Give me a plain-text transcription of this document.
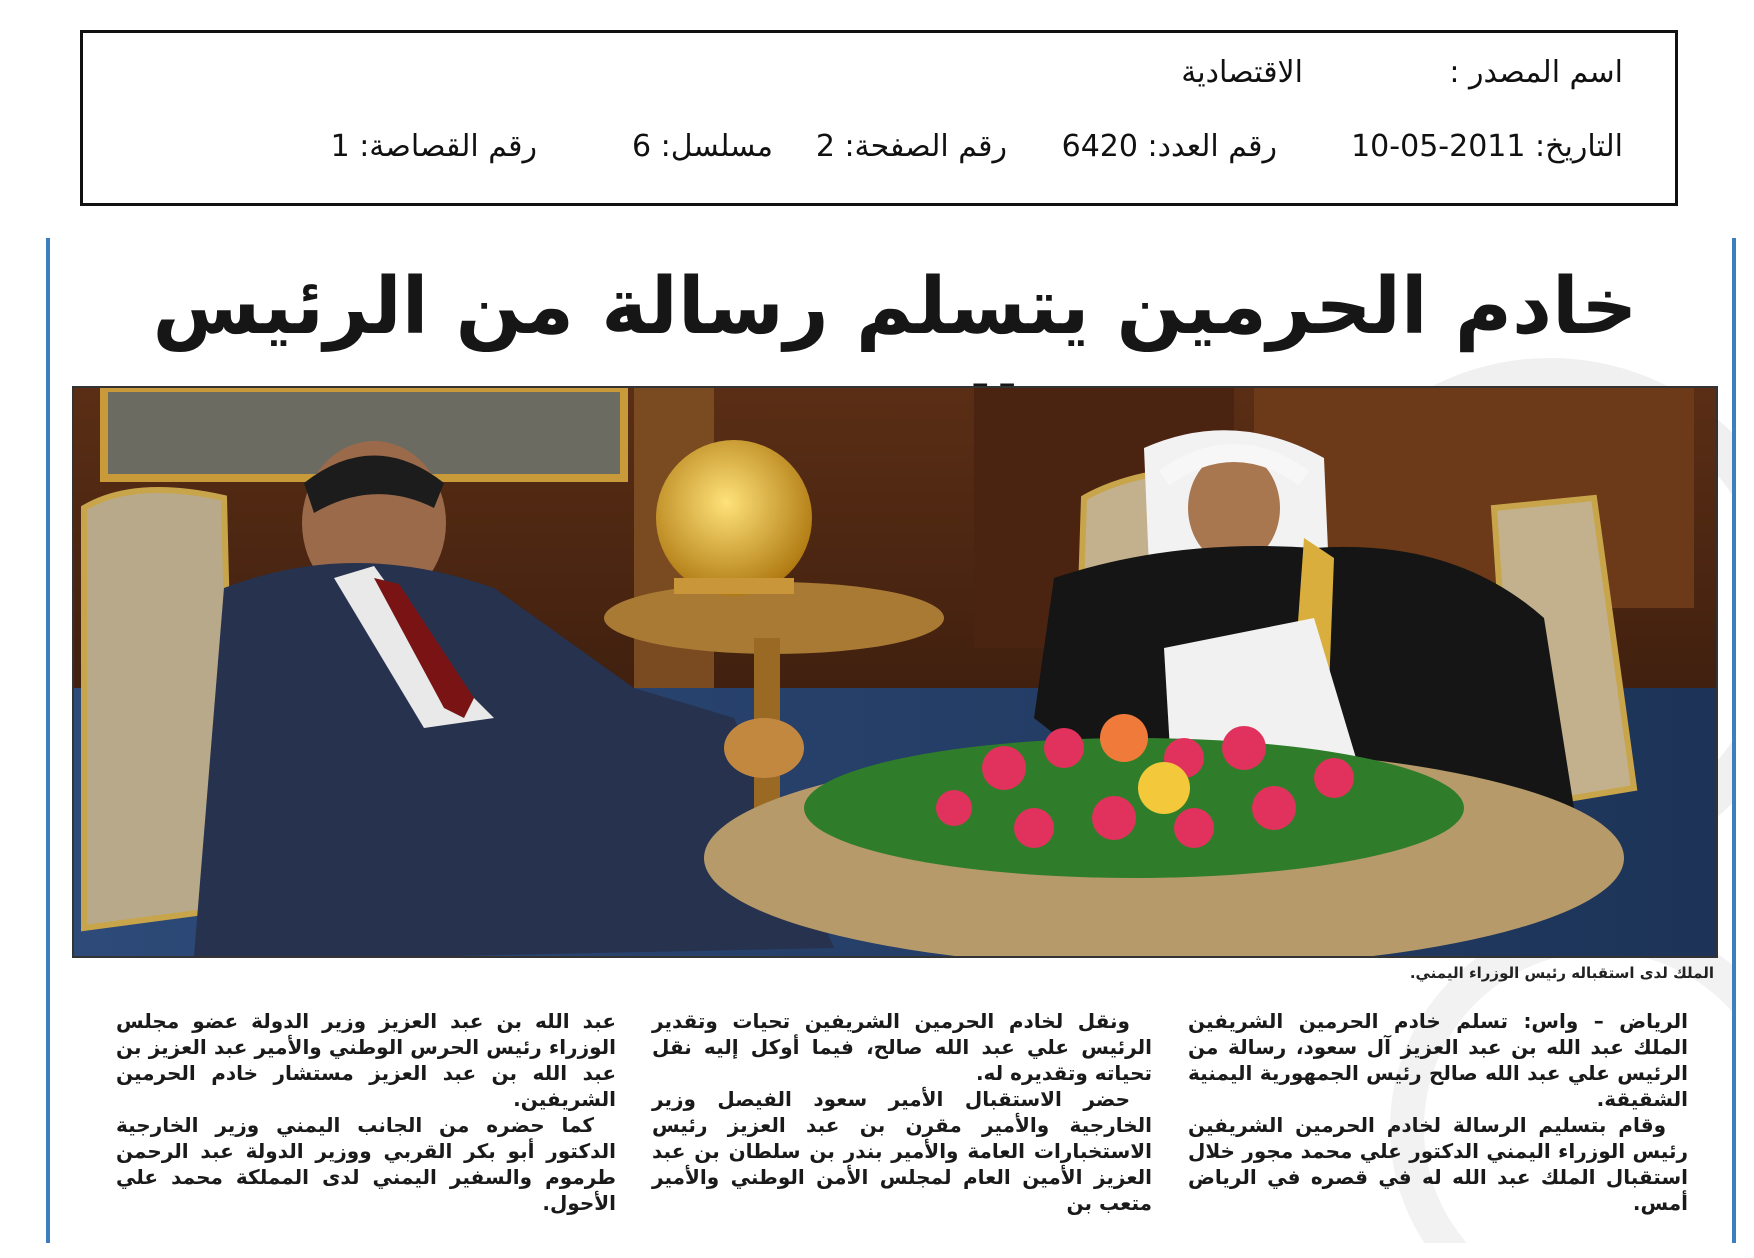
اسم المصدر :
الاقتصادية
التاريخ: 2011-05-10
رقم العدد: 6420
رقم الصفحة: 2
مسلسل: 6
رقم القصاصة: 1
خادم الحرمين يتسلم رسالة من الرئيس
الملك لدى استقباله رئيس الوزراء اليمني.

الرياض – واس: تسلم خادم الحرمين الشريفين الملك عبد الله بن عبد العزيز آل سعود، رسالة من الرئيس علي عبد الله صالح رئيس الجمهورية اليمنية الشقيقة.

وقام بتسليم الرسالة لخادم الحرمين الشريفين رئيس الوزراء اليمني الدكتور علي محمد مجور خلال استقبال الملك عبد الله له في قصره في الرياض أمس.

ونقل لخادم الحرمين الشريفين تحيات وتقدير الرئيس علي عبد الله صالح، فيما أوكل إليه نقل تحياته وتقديره له.

حضر الاستقبال الأمير سعود الفيصل وزير الخارجية والأمير مقرن بن عبد العزيز رئيس الاستخبارات العامة والأمير بندر بن سلطان بن عبد العزيز الأمين العام لمجلس الأمن الوطني والأمير متعب بن

عبد الله بن عبد العزيز وزير الدولة عضو مجلس الوزراء رئيس الحرس الوطني والأمير عبد العزيز بن عبد الله بن عبد العزيز مستشار خادم الحرمين الشريفين.

كما حضره من الجانب اليمني وزير الخارجية الدكتور أبو بكر القربي ووزير الدولة عبد الرحمن طرموم والسفير اليمني لدى المملكة محمد علي الأحول.
